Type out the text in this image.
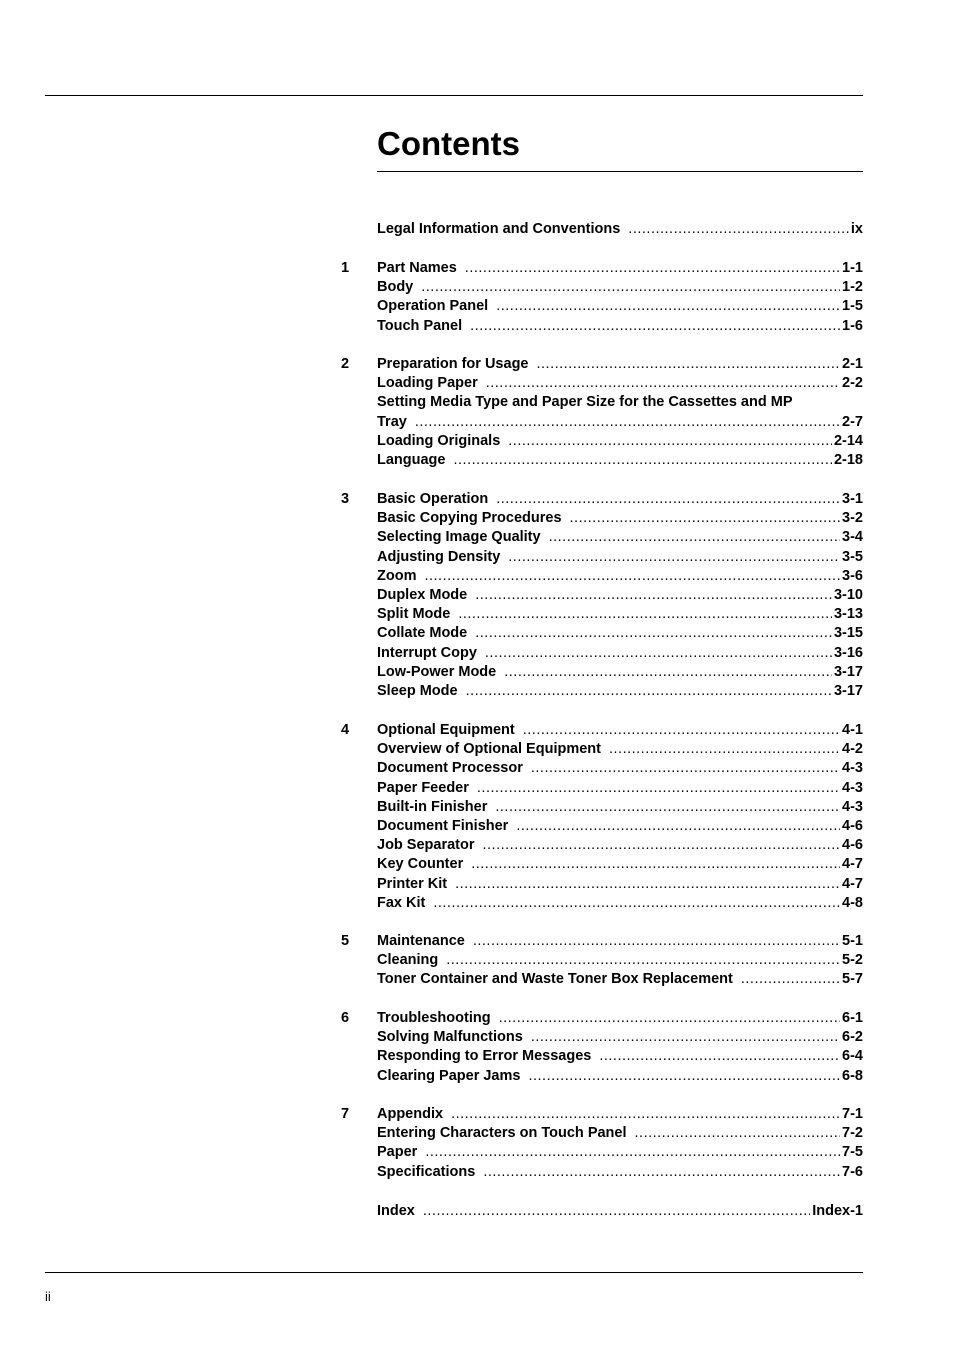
Contents
Legal Information and Conventions .....	ix
1	Part Names .....	1-1
Body .....	1-2
Operation Panel .....	1-5
Touch Panel .....	1-6
2	Preparation for Usage .....	2-1
Loading Paper .....	2-2
Setting Media Type and Paper Size for the Cassettes and MP
Tray .....	2-7
Loading Originals .....	2-14
Language .....	2-18
3	Basic Operation .....	3-1
Basic Copying Procedures .....	3-2
Selecting Image Quality .....	3-4
Adjusting Density .....	3-5
Zoom .....	3-6
Duplex Mode .....	3-10
Split Mode .....	3-13
Collate Mode .....	3-15
Interrupt Copy .....	3-16
Low-Power Mode .....	3-17
Sleep Mode .....	3-17
4	Optional Equipment .....	4-1
Overview of Optional Equipment .....	4-2
Document Processor .....	4-3
Paper Feeder .....	4-3
Built-in Finisher .....	4-3
Document Finisher .....	4-6
Job Separator .....	4-6
Key Counter .....	4-7
Printer Kit .....	4-7
Fax Kit .....	4-8
5	Maintenance .....	5-1
Cleaning .....	5-2
Toner Container and Waste Toner Box Replacement .....	5-7
6	Troubleshooting .....	6-1
Solving Malfunctions .....	6-2
Responding to Error Messages .....	6-4
Clearing Paper Jams .....	6-8
7	Appendix .....	7-1
Entering Characters on Touch Panel .....	7-2
Paper .....	7-5
Specifications .....	7-6
Index .....	Index-1
ii
